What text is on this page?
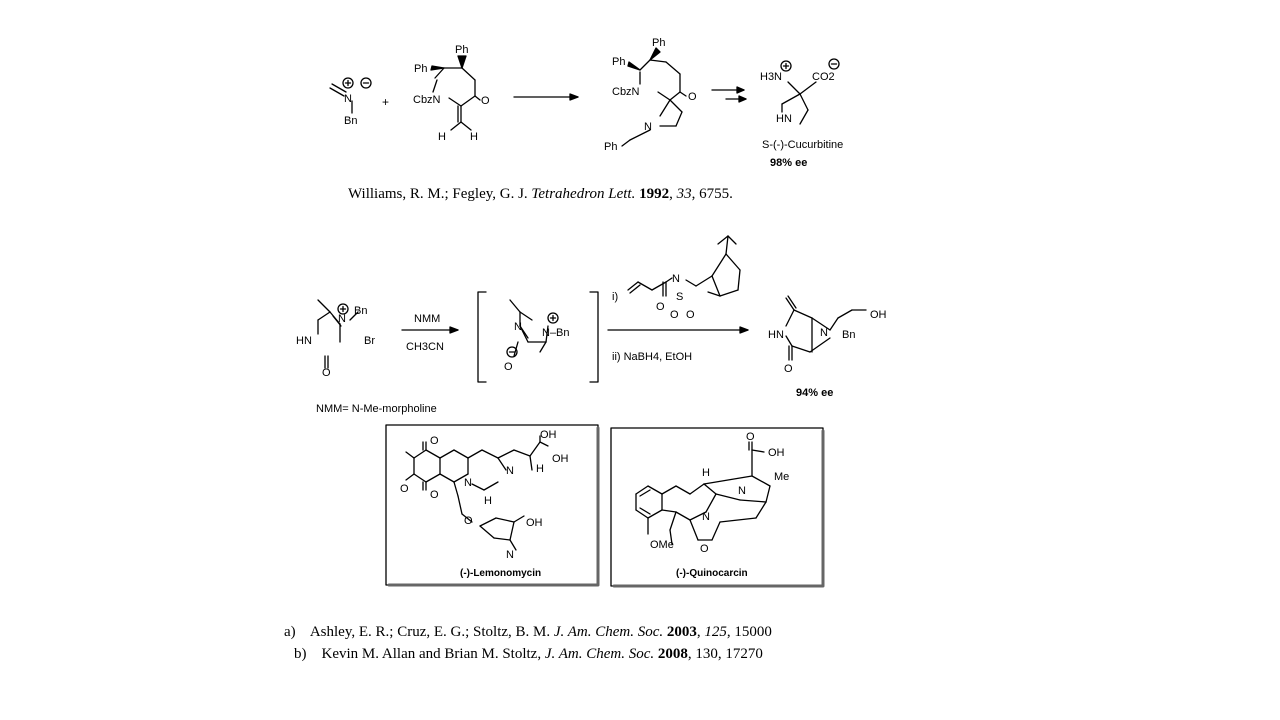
N
Bn
+
Ph
Ph
CbzN	O
H H
Ph
Ph
CbzN	O
N
Ph
H3N	CO2
HN
S-(-)-Cucurbitine
98% ee
Bn
N
HN
O
Br
NMM
CH3CN
N N–Bn
O
i)
ii) NaBH4, EtOH
N
S
O
O O
HN
O
N Bn
OH
94% ee
NMM= N-Me-morpholine
O
O
O
O
N
N
N
OH
OH
OH
H
H
(-)-Lemonomycin
O
OH
H
N
N
Me
OMe O
(-)-Quinocarcin
Williams, R. M.; Fegley, G. J. Tetrahedron Lett. 1992, 33, 6755.
a) Ashley, E. R.; Cruz, E. G.; Stoltz, B. M. J. Am. Chem. Soc. 2003, 125, 15000
b) Kevin M. Allan and Brian M. Stoltz, J. Am. Chem. Soc. 2008, 130, 17270
